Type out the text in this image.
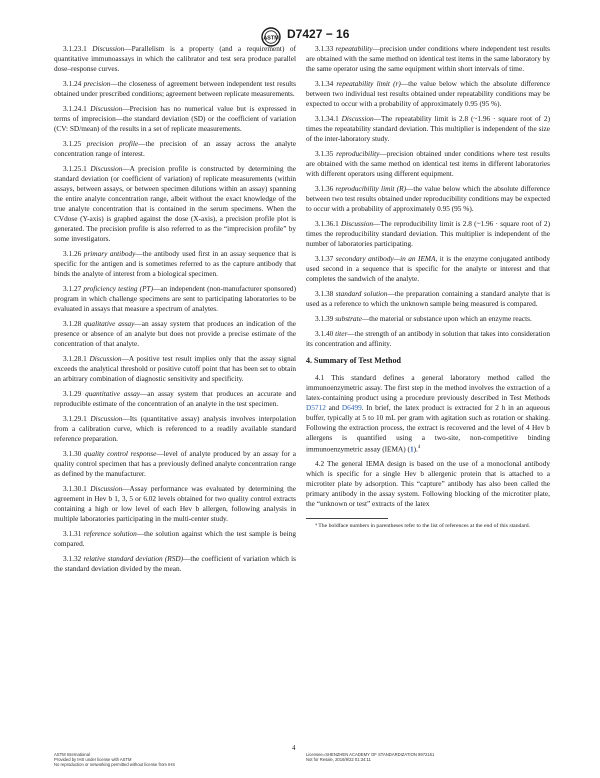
ASTM D7427 − 16

3.1.23.1 Discussion—Parallelism is a property (and a requirement) of quantitative immunoassays in which the calibrator and test sera produce parallel dose–response curves.

3.1.24 precision—the closeness of agreement between independent test results obtained under prescribed conditions; agreement between replicate measurements.

3.1.24.1 Discussion—Precision has no numerical value but is expressed in terms of imprecision—the standard deviation (SD) or the coefficient of variation (CV: SD/mean) of the results in a set of replicate measurements.

3.1.25 precision profile—the precision of an assay across the analyte concentration range of interest.

3.1.25.1 Discussion—A precision profile is constructed by determining the standard deviation (or coefficient of variation) of replicate measurements (within assays, between assays, or between specimen dilutions within an assay) spanning the entire analyte concentration range, albeit without the exact knowledge of the true analyte concentration that is contained in the serum specimens. When the CVdose (Y-axis) is graphed against the dose (X-axis), a precision profile plot is generated. The precision profile is also referred to as the “imprecision profile” by some investigators.

3.1.26 primary antibody—the antibody used first in an assay sequence that is specific for the antigen and is sometimes referred to as the capture antibody that binds the analyte of interest from a biological specimen.

3.1.27 proficiency testing (PT)—an independent (non-manufacturer sponsored) program in which challenge specimens are sent to participating laboratories to be evaluated in assays that measure a spectrum of analytes.

3.1.28 qualitative assay—an assay system that produces an indication of the presence or absence of an analyte but does not provide a precise estimate of the concentration of that analyte.

3.1.28.1 Discussion—A positive test result implies only that the assay signal exceeds the analytical threshold or positive cutoff point that has been set to obtain an arbitrary combination of diagnostic sensitivity and specificity.

3.1.29 quantitative assay—an assay system that produces an accurate and reproducible estimate of the concentration of an analyte in the test specimen.

3.1.29.1 Discussion—Its (quantitative assay) analysis involves interpolation from a calibration curve, which is referenced to a readily available standard reference preparation.

3.1.30 quality control response—level of analyte produced by an assay for a quality control specimen that has a previously defined analyte concentration range as defined by the manufacturer.

3.1.30.1 Discussion—Assay performance was evaluated by determining the agreement in Hev b 1, 3, 5 or 6.02 levels obtained for two quality control extracts containing a high or low level of each Hev b allergen, following analysis in multiple laboratories participating in the multi-center study.

3.1.31 reference solution—the solution against which the test sample is being compared.

3.1.32 relative standard deviation (RSD)—the coefficient of variation which is the standard deviation divided by the mean.

3.1.33 repeatability—precision under conditions where independent test results are obtained with the same method on identical test items in the same laboratory by the same operator using the same equipment within short intervals of time.

3.1.34 repeatability limit (r)—the value below which the absolute difference between two individual test results obtained under repeatability conditions may be expected to occur with a probability of approximately 0.95 (95 %).

3.1.34.1 Discussion—The repeatability limit is 2.8 (~1.96 · square root of 2) times the repeatability standard deviation. This multiplier is independent of the size of the inter-laboratory study.

3.1.35 reproducibility—precision obtained under conditions where test results are obtained with the same method on identical test items in different laboratories with different operators using different equipment.

3.1.36 reproducibility limit (R)—the value below which the absolute difference between two test results obtained under reproducibility conditions may be expected to occur with a probability of approximately 0.95 (95 %).

3.1.36.1 Discussion—The reproducibility limit is 2.8 (~1.96 · square root of 2) times the reproducibility standard deviation. This multiplier is independent of the number of laboratories participating.

3.1.37 secondary antibody—in an IEMA, it is the enzyme conjugated antibody used second in a sequence that is specific for the analyte or interest and that completes the sandwich of the analyte.

3.1.38 standard solution—the preparation containing a standard analyte that is used as a reference to which the unknown sample being measured is compared.

3.1.39 substrate—the material or substance upon which an enzyme reacts.

3.1.40 titer—the strength of an antibody in solution that takes into consideration its concentration and affinity.

4. Summary of Test Method

4.1 This standard defines a general laboratory method called the immunoenzymetric assay. The first step in the method involves the extraction of a latex-containing product using a procedure previously described in Test Methods D5712 and D6499. In brief, the latex product is extracted for 2 h in an aqueous buffer, typically at 5 to 10 mL per gram with agitation such as rotation or shaking. Following the extraction process, the extract is recovered and the level of 4 Hev b allergens is quantified using a two-site, non-competitive binding immunoenzymetric assay (IEMA) (1).$^4$

4.2 The general IEMA design is based on the use of a monoclonal antibody which is specific for a single Hev b allergenic protein that is attached to a microtiter plate by adsorption. This “capture” antibody has also been called the primary antibody in the assay system. Following blocking of the microtiter plate, the “unknown or test” extracts of the latex

⁴ The boldface numbers in parentheses refer to the list of references at the end of this standard.

4
ASTM International
Provided by IHS under license with ASTM
No reproduction or networking permitted without license from IHS
Licensee=SHENZHEN ACADEMY OF STANDARDIZATION 9972161
Not for Resale, 2016/9/22 01:34:11
